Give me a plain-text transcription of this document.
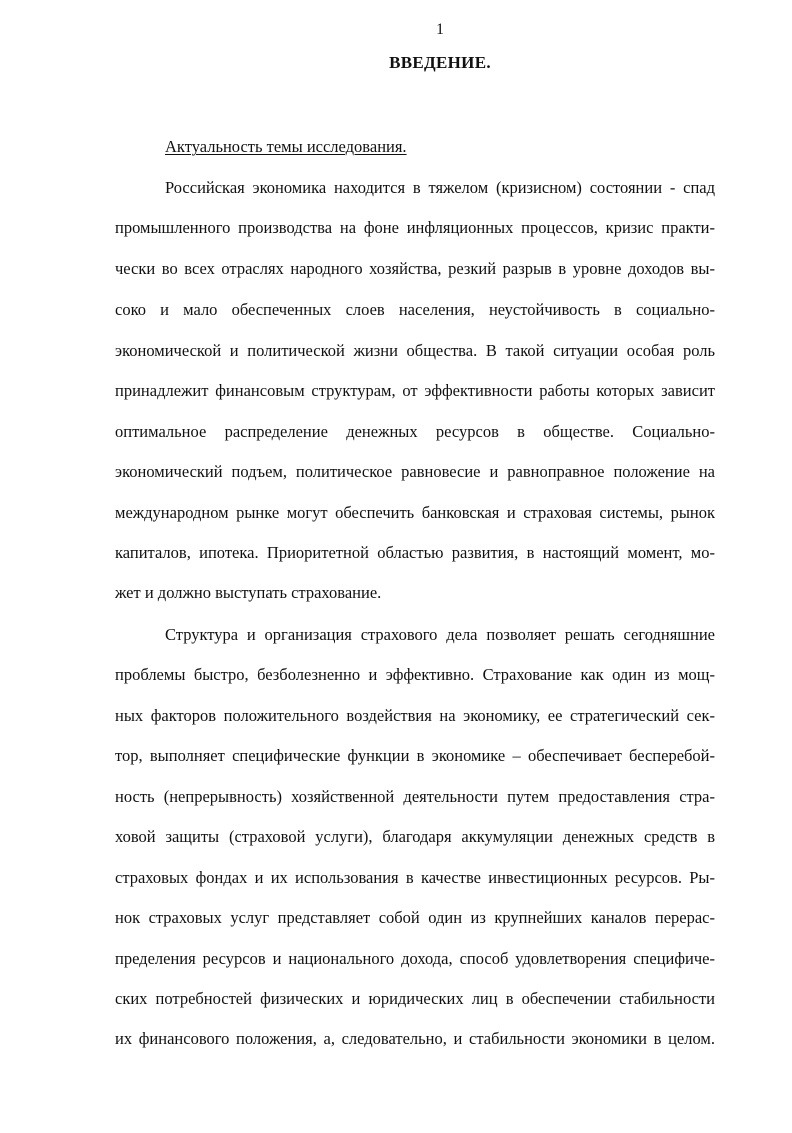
1
ВВЕДЕНИЕ.
Актуальность темы исследования.
Российская экономика находится в тяжелом (кризисном) состоянии - спад
промышленного производства на фоне инфляционных процессов, кризис практи-
чески во всех отраслях народного хозяйства, резкий разрыв в уровне доходов вы-
соко и мало обеспеченных слоев населения, неустойчивость в социально-
экономической и политической жизни общества. В такой ситуации особая роль
принадлежит финансовым структурам, от эффективности работы которых зависит
оптимальное распределение денежных ресурсов в обществе. Социально-
экономический подъем, политическое равновесие и равноправное положение на
международном рынке могут обеспечить банковская и страховая системы, рынок
капиталов, ипотека. Приоритетной областью развития, в настоящий момент, мо-
жет и должно выступать страхование.
Структура и организация страхового дела позволяет решать сегодняшние
проблемы быстро, безболезненно и эффективно. Страхование как один из мощ-
ных факторов положительного воздействия на экономику, ее стратегический сек-
тор, выполняет специфические функции в экономике – обеспечивает бесперебой-
ность (непрерывность) хозяйственной деятельности путем предоставления стра-
ховой защиты (страховой услуги), благодаря аккумуляции денежных средств в
страховых фондах и их использования в качестве инвестиционных ресурсов. Ры-
нок страховых услуг представляет собой один из крупнейших каналов перерас-
пределения ресурсов и национального дохода, способ удовлетворения специфиче-
ских потребностей физических и юридических лиц в обеспечении стабильности
их финансового положения, а, следовательно, и стабильности экономики в целом.
